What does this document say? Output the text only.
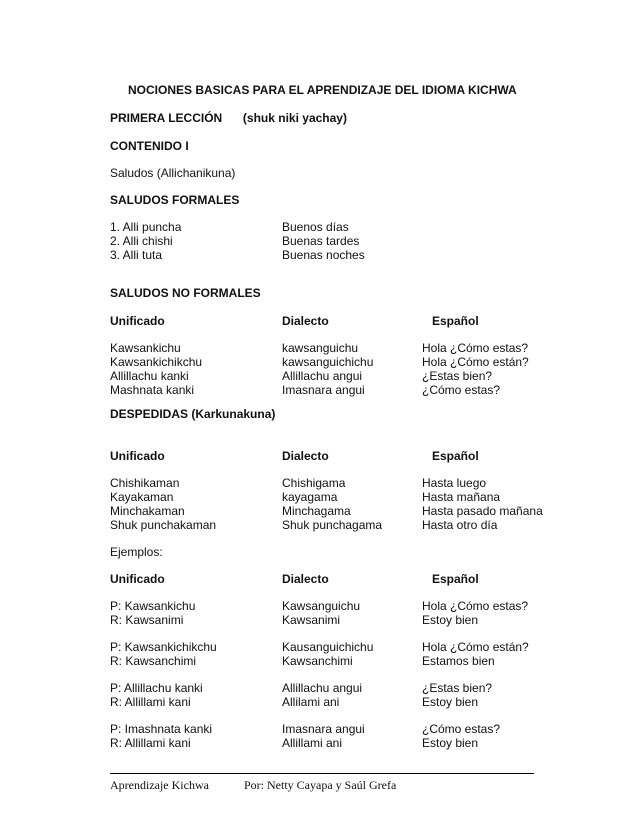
NOCIONES BASICAS PARA EL APRENDIZAJE DEL IDIOMA KICHWA
PRIMERA LECCIÓN (shuk niki yachay)
CONTENIDO I
Saludos (Allichanikuna)
SALUDOS FORMALES
1. Alli puncha	Buenos días
2. Alli chishi	Buenas tardes
3. Alli tuta	Buenas noches
SALUDOS NO FORMALES
Unificado	Dialecto	Español
Kawsankichu	kawsanguichu	Hola ¿Cómo estas?
Kawsankichikchu	kawsanguichichu	Hola ¿Cómo están?
Allillachu kanki	Allillachu angui	¿Estas bien?
Mashnata kanki	Imasnara angui	¿Cómo estas?
DESPEDIDAS (Karkunakuna)
Unificado	Dialecto	Español
Chishikaman	Chishigama	Hasta luego
Kayakaman	kayagama	Hasta mañana
Minchakaman	Minchagama	Hasta pasado mañana
Shuk punchakaman	Shuk punchagama	Hasta otro día
Ejemplos:
Unificado	Dialecto	Español
P: Kawsankichu	Kawsanguichu	Hola ¿Cómo estas?
R: Kawsanimi	Kawsanimi	Estoy bien
P: Kawsankichikchu	Kausanguichichu	Hola ¿Cómo están?
R: Kawsanchimi	Kawsanchimi	Estamos bien
P: Allillachu kanki	Allillachu angui	¿Estas bien?
R: Allillami kani	Allilami ani	Estoy bien
P: Imashnata kanki	Imasnara angui	¿Cómo estas?
R: Allillami kani	Allillami ani	Estoy bien
Aprendizaje Kichwa	Por: Netty Cayapa y Saúl Grefa
